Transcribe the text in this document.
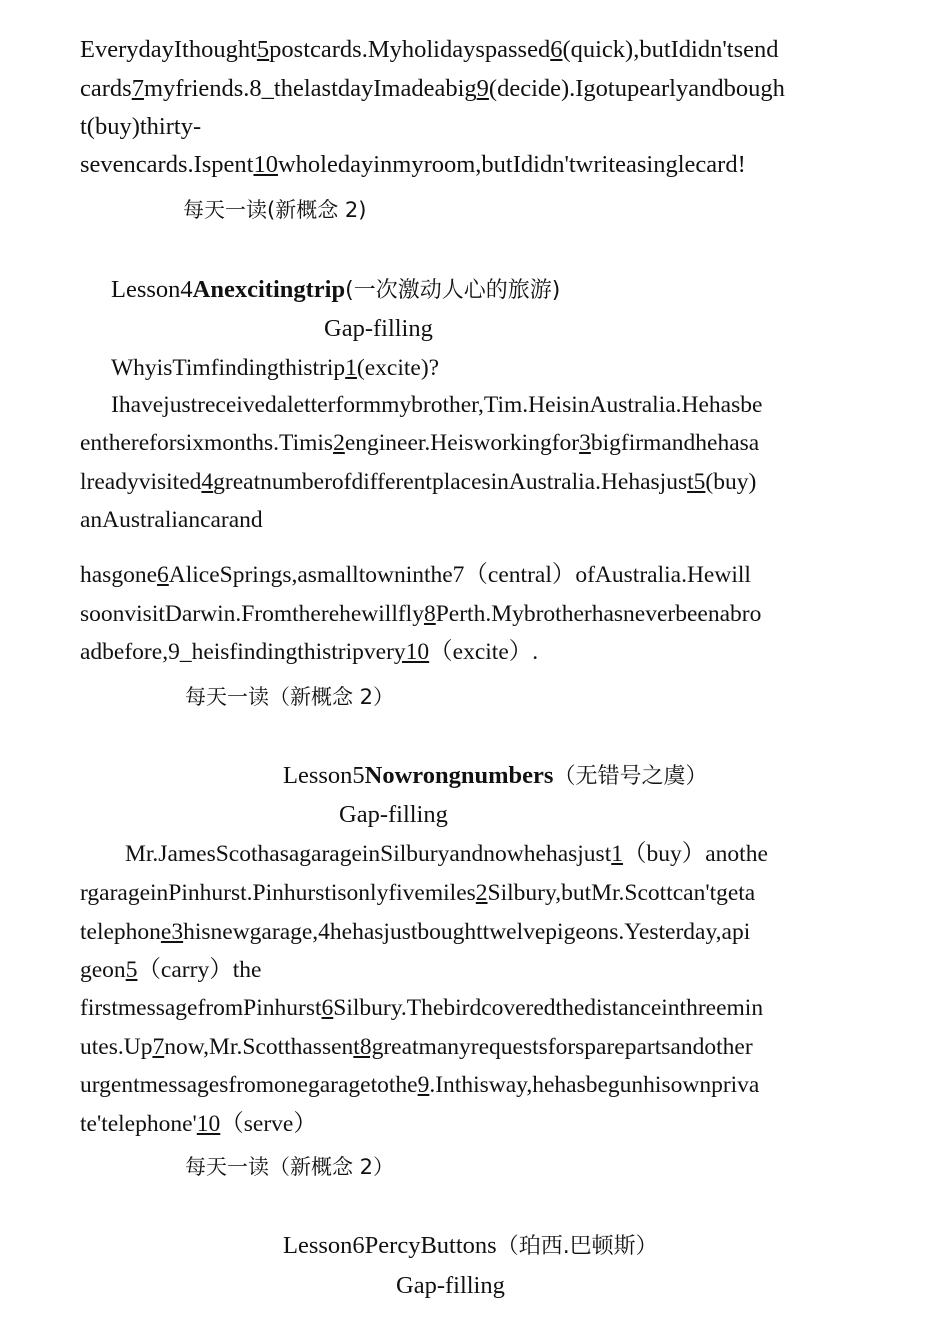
EverydayIthought5postcards.Myholidayspassed6(quick),butIdidn'tsend
cards7myfriends.8_thelastdayImadeabig9(decide).Igotupearlyandbough
t(buy)thirty-
sevencards.Ispent10wholedayinmyroom,butIdidn'twriteasinglecard!
每天一读(新概念 2)
Lesson4Anexcitingtrip(一次激动人心的旅游)
Gap-filling
WhyisTimfindingthistrip1(excite)?
Ihavejustreceivedaletterformmybrother,Tim.HeisinAustralia.Hehasbe
enthereforsixmonths.Timis2engineer.Heisworkingfor3bigfirmandhehasa
lreadyvisited4greatnumberofdifferentplacesinAustralia.Hehasjust5(buy)
anAustraliancarand
hasgone6AliceSprings,asmalltowninthe7（central）ofAustralia.Hewill
soonvisitDarwin.Fromtherehewillfly8Perth.Mybrotherhasneverbeenabro
adbefore,9_heisfindingthistripvery10（excite）.
每天一读（新概念 2）
Lesson5Nowrongnumbers（无错号之虞）
Gap-filling
Mr.JamesScothasagarageinSilburyandnowhehasjust1（buy）anothe
rgarageinPinhurst.Pinhurstisonlyfivemiles2Silbury,butMr.Scottcan'tgeta
telephone3hisnewgarage,4hehasjustboughttwelvepigeons.Yesterday,api
geon5（carry）the
firstmessagefromPinhurst6Silbury.Thebirdcoveredthedistanceinthreemin
utes.Up7now,Mr.Scotthassent8greatmanyrequestsforsparepartsandother
urgentmessagesfromonegaragetothe9.Inthisway,hehasbegunhisownpriva
te'telephone'10（serve）
每天一读（新概念 2）
Lesson6PercyButtons（珀西.巴顿斯）
Gap-filling
